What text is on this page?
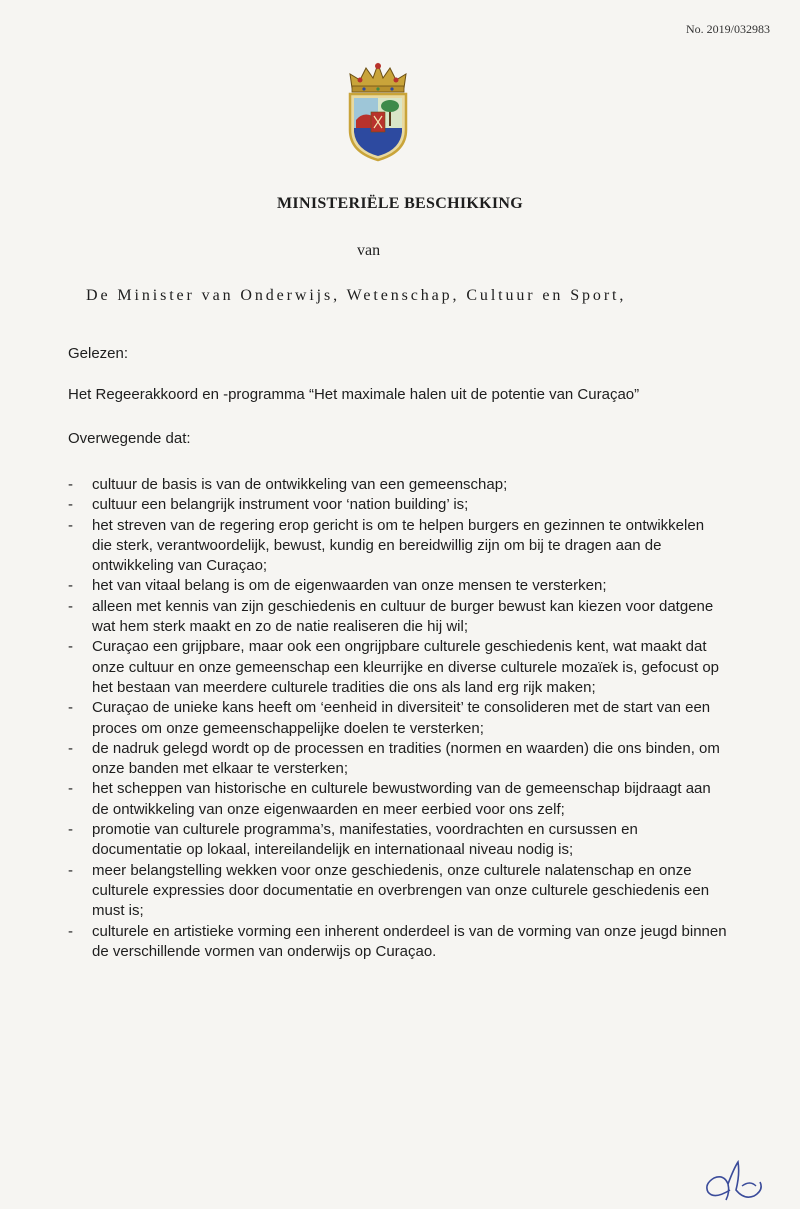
No. 2019/032983
MINISTERIËLE BESCHIKKING
van
De Minister van Onderwijs, Wetenschap, Cultuur en Sport,
Gelezen:
Het Regeerakkoord en -programma “Het maximale halen uit de potentie van Curaçao”
Overwegende dat:

- cultuur de basis is van de ontwikkeling van een gemeenschap;

- cultuur een belangrijk instrument voor ‘nation building’ is;

- het streven van de regering erop gericht is om te helpen burgers en gezinnen te ontwikkelen die sterk, verantwoordelijk, bewust, kundig en bereidwillig zijn om bij te dragen aan de ontwikkeling van Curaçao;

- het van vitaal belang is om de eigenwaarden van onze mensen te versterken;

- alleen met kennis van zijn geschiedenis en cultuur de burger bewust kan kiezen voor datgene wat hem sterk maakt en zo de natie realiseren die hij wil;

- Curaçao een grijpbare, maar ook een ongrijpbare culturele geschiedenis kent, wat maakt dat onze cultuur en onze gemeenschap een kleurrijke en diverse culturele mozaïek is, gefocust op het bestaan van meerdere culturele tradities die ons als land erg rijk maken;

- Curaçao de unieke kans heeft om ‘eenheid in diversiteit’ te consolideren met de start van een proces om onze gemeenschappelijke doelen te versterken;

- de nadruk gelegd wordt op de processen en tradities (normen en waarden) die ons binden, om onze banden met elkaar te versterken;

- het scheppen van historische en culturele bewustwording van de gemeenschap bijdraagt aan de ontwikkeling van onze eigenwaarden en meer eerbied voor ons zelf;

- promotie van culturele programma’s, manifestaties, voordrachten en cursussen en documentatie op lokaal, intereilandelijk en internationaal niveau nodig is;

- meer belangstelling wekken voor onze geschiedenis, onze culturele nalatenschap en onze culturele expressies door documentatie en overbrengen van onze culturele geschiedenis een must is;

- culturele en artistieke vorming een inherent onderdeel is van de vorming van onze jeugd binnen de verschillende vormen van onderwijs op Curaçao.
